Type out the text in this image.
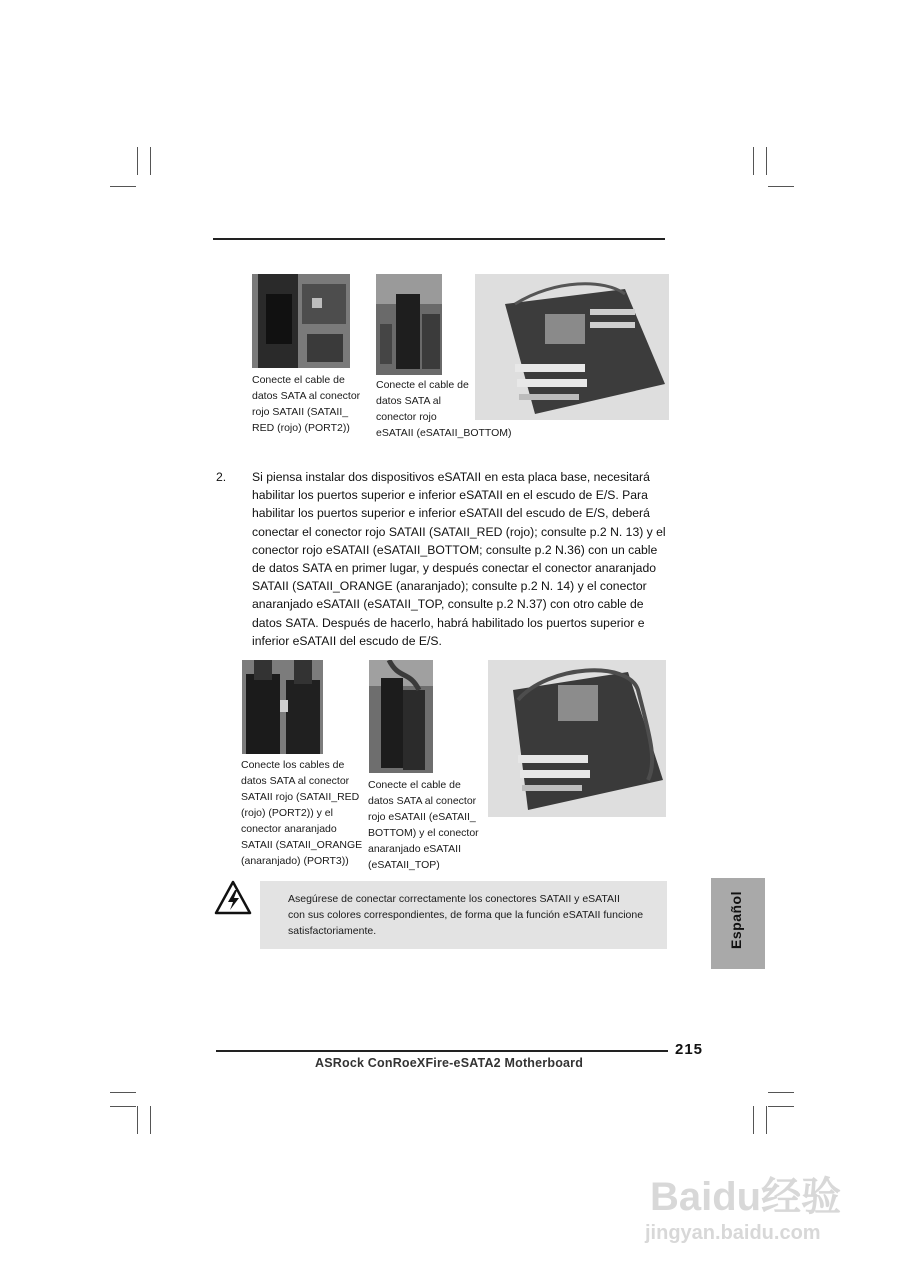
Conecte el cable de
datos SATA al conector
rojo SATAII (SATAII_
RED (rojo) (PORT2))
Conecte el cable de
datos SATA al
conector rojo
eSATAII (eSATAII_BOTTOM)
2. Si piensa instalar dos dispositivos eSATAII en esta placa base, necesitará
habilitar los puertos superior e inferior eSATAII en el escudo de E/S. Para
habilitar los puertos superior e inferior eSATAII del escudo de E/S, deberá
conectar el conector rojo SATAII (SATAII_RED (rojo); consulte p.2 N. 13) y el
conector rojo eSATAII (eSATAII_BOTTOM; consulte p.2 N.36) con un cable
de datos SATA en primer lugar, y después conectar el conector anaranjado
SATAII (SATAII_ORANGE (anaranjado); consulte p.2 N. 14) y el conector
anaranjado eSATAII (eSATAII_TOP, consulte p.2 N.37) con otro cable de
datos SATA. Después de hacerlo, habrá habilitado los puertos superior e
inferior eSATAII del escudo de E/S.
Conecte los cables de
datos SATA al conector
SATAII rojo (SATAII_RED
(rojo) (PORT2)) y el
conector anaranjado
SATAII (SATAII_ORANGE
(anaranjado) (PORT3))
Conecte el cable de
datos SATA al conector
rojo eSATAII (eSATAII_
BOTTOM) y el conector
anaranjado eSATAII
(eSATAII_TOP)
Asegúrese de conectar correctamente los conectores SATAII y eSATAII
con sus colores correspondientes, de forma que la función eSATAII funcione
satisfactoriamente.	Español
215
ASRock ConRoeXFire-eSATA2 Motherboard
Baidu经验
jingyan.baidu.com
